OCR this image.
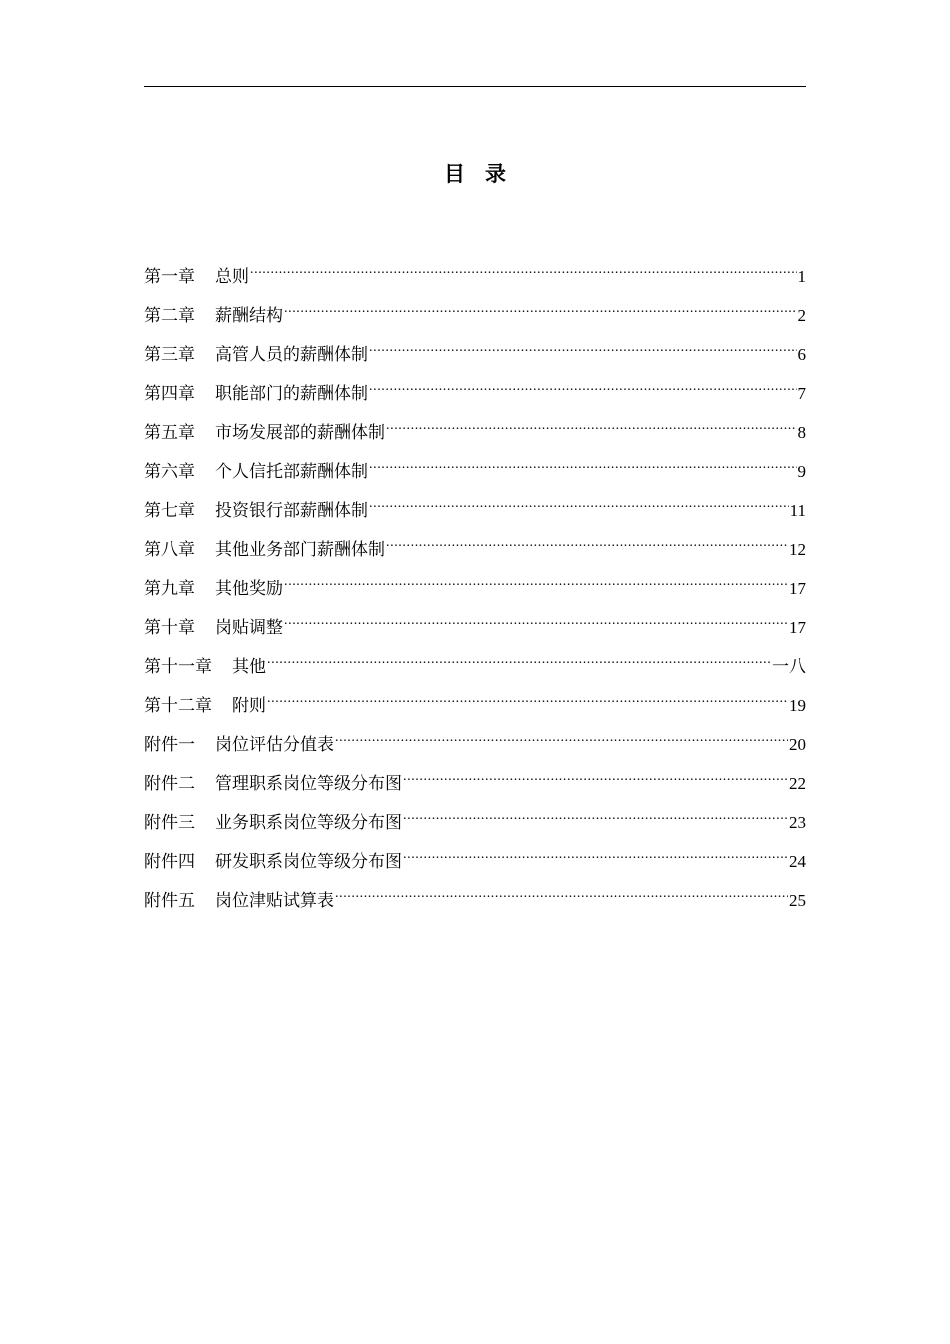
目录
第一章	总则 .....	1
第二章	薪酬结构 .....	2
第三章	高管人员的薪酬体制 .....	6
第四章	职能部门的薪酬体制 .....	7
第五章	市场发展部的薪酬体制 .....	8
第六章	个人信托部薪酬体制 .....	9
第七章	投资银行部薪酬体制 .....	11
第八章	其他业务部门薪酬体制 .....	12
第九章	其他奖励 .....	17
第十章	岗贴调整 .....	17
第十一章	其他 .....	一八
第十二章	附则 .....	19
附件一	岗位评估分值表 .....	20
附件二	管理职系岗位等级分布图 .....	22
附件三	业务职系岗位等级分布图 .....	23
附件四	研发职系岗位等级分布图 .....	24
附件五	岗位津贴试算表 .....	25
